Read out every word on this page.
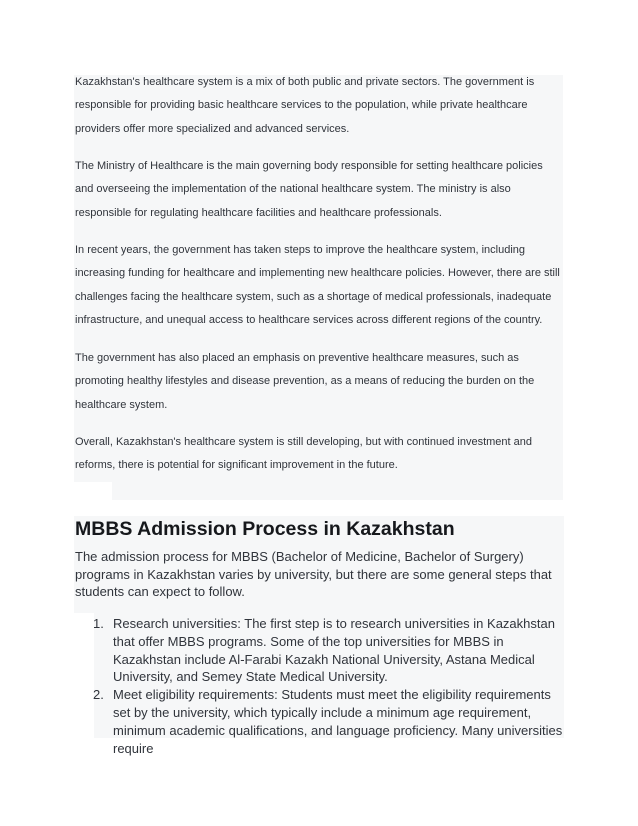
Kazakhstan's healthcare system is a mix of both public and private sectors. The government is responsible for providing basic healthcare services to the population, while private healthcare providers offer more specialized and advanced services.

The Ministry of Healthcare is the main governing body responsible for setting healthcare policies and overseeing the implementation of the national healthcare system. The ministry is also responsible for regulating healthcare facilities and healthcare professionals.

In recent years, the government has taken steps to improve the healthcare system, including increasing funding for healthcare and implementing new healthcare policies. However, there are still challenges facing the healthcare system, such as a shortage of medical professionals, inadequate infrastructure, and unequal access to healthcare services across different regions of the country.

The government has also placed an emphasis on preventive healthcare measures, such as promoting healthy lifestyles and disease prevention, as a means of reducing the burden on the healthcare system.

Overall, Kazakhstan's healthcare system is still developing, but with continued investment and reforms, there is potential for significant improvement in the future.

MBBS Admission Process in Kazakhstan

The admission process for MBBS (Bachelor of Medicine, Bachelor of Surgery) programs in Kazakhstan varies by university, but there are some general steps that students can expect to follow.

1. Research universities: The first step is to research universities in Kazakhstan that offer MBBS programs. Some of the top universities for MBBS in Kazakhstan include Al-Farabi Kazakh National University, Astana Medical University, and Semey State Medical University.
2. Meet eligibility requirements: Students must meet the eligibility requirements set by the university, which typically include a minimum age requirement, minimum academic qualifications, and language proficiency. Many universities require
